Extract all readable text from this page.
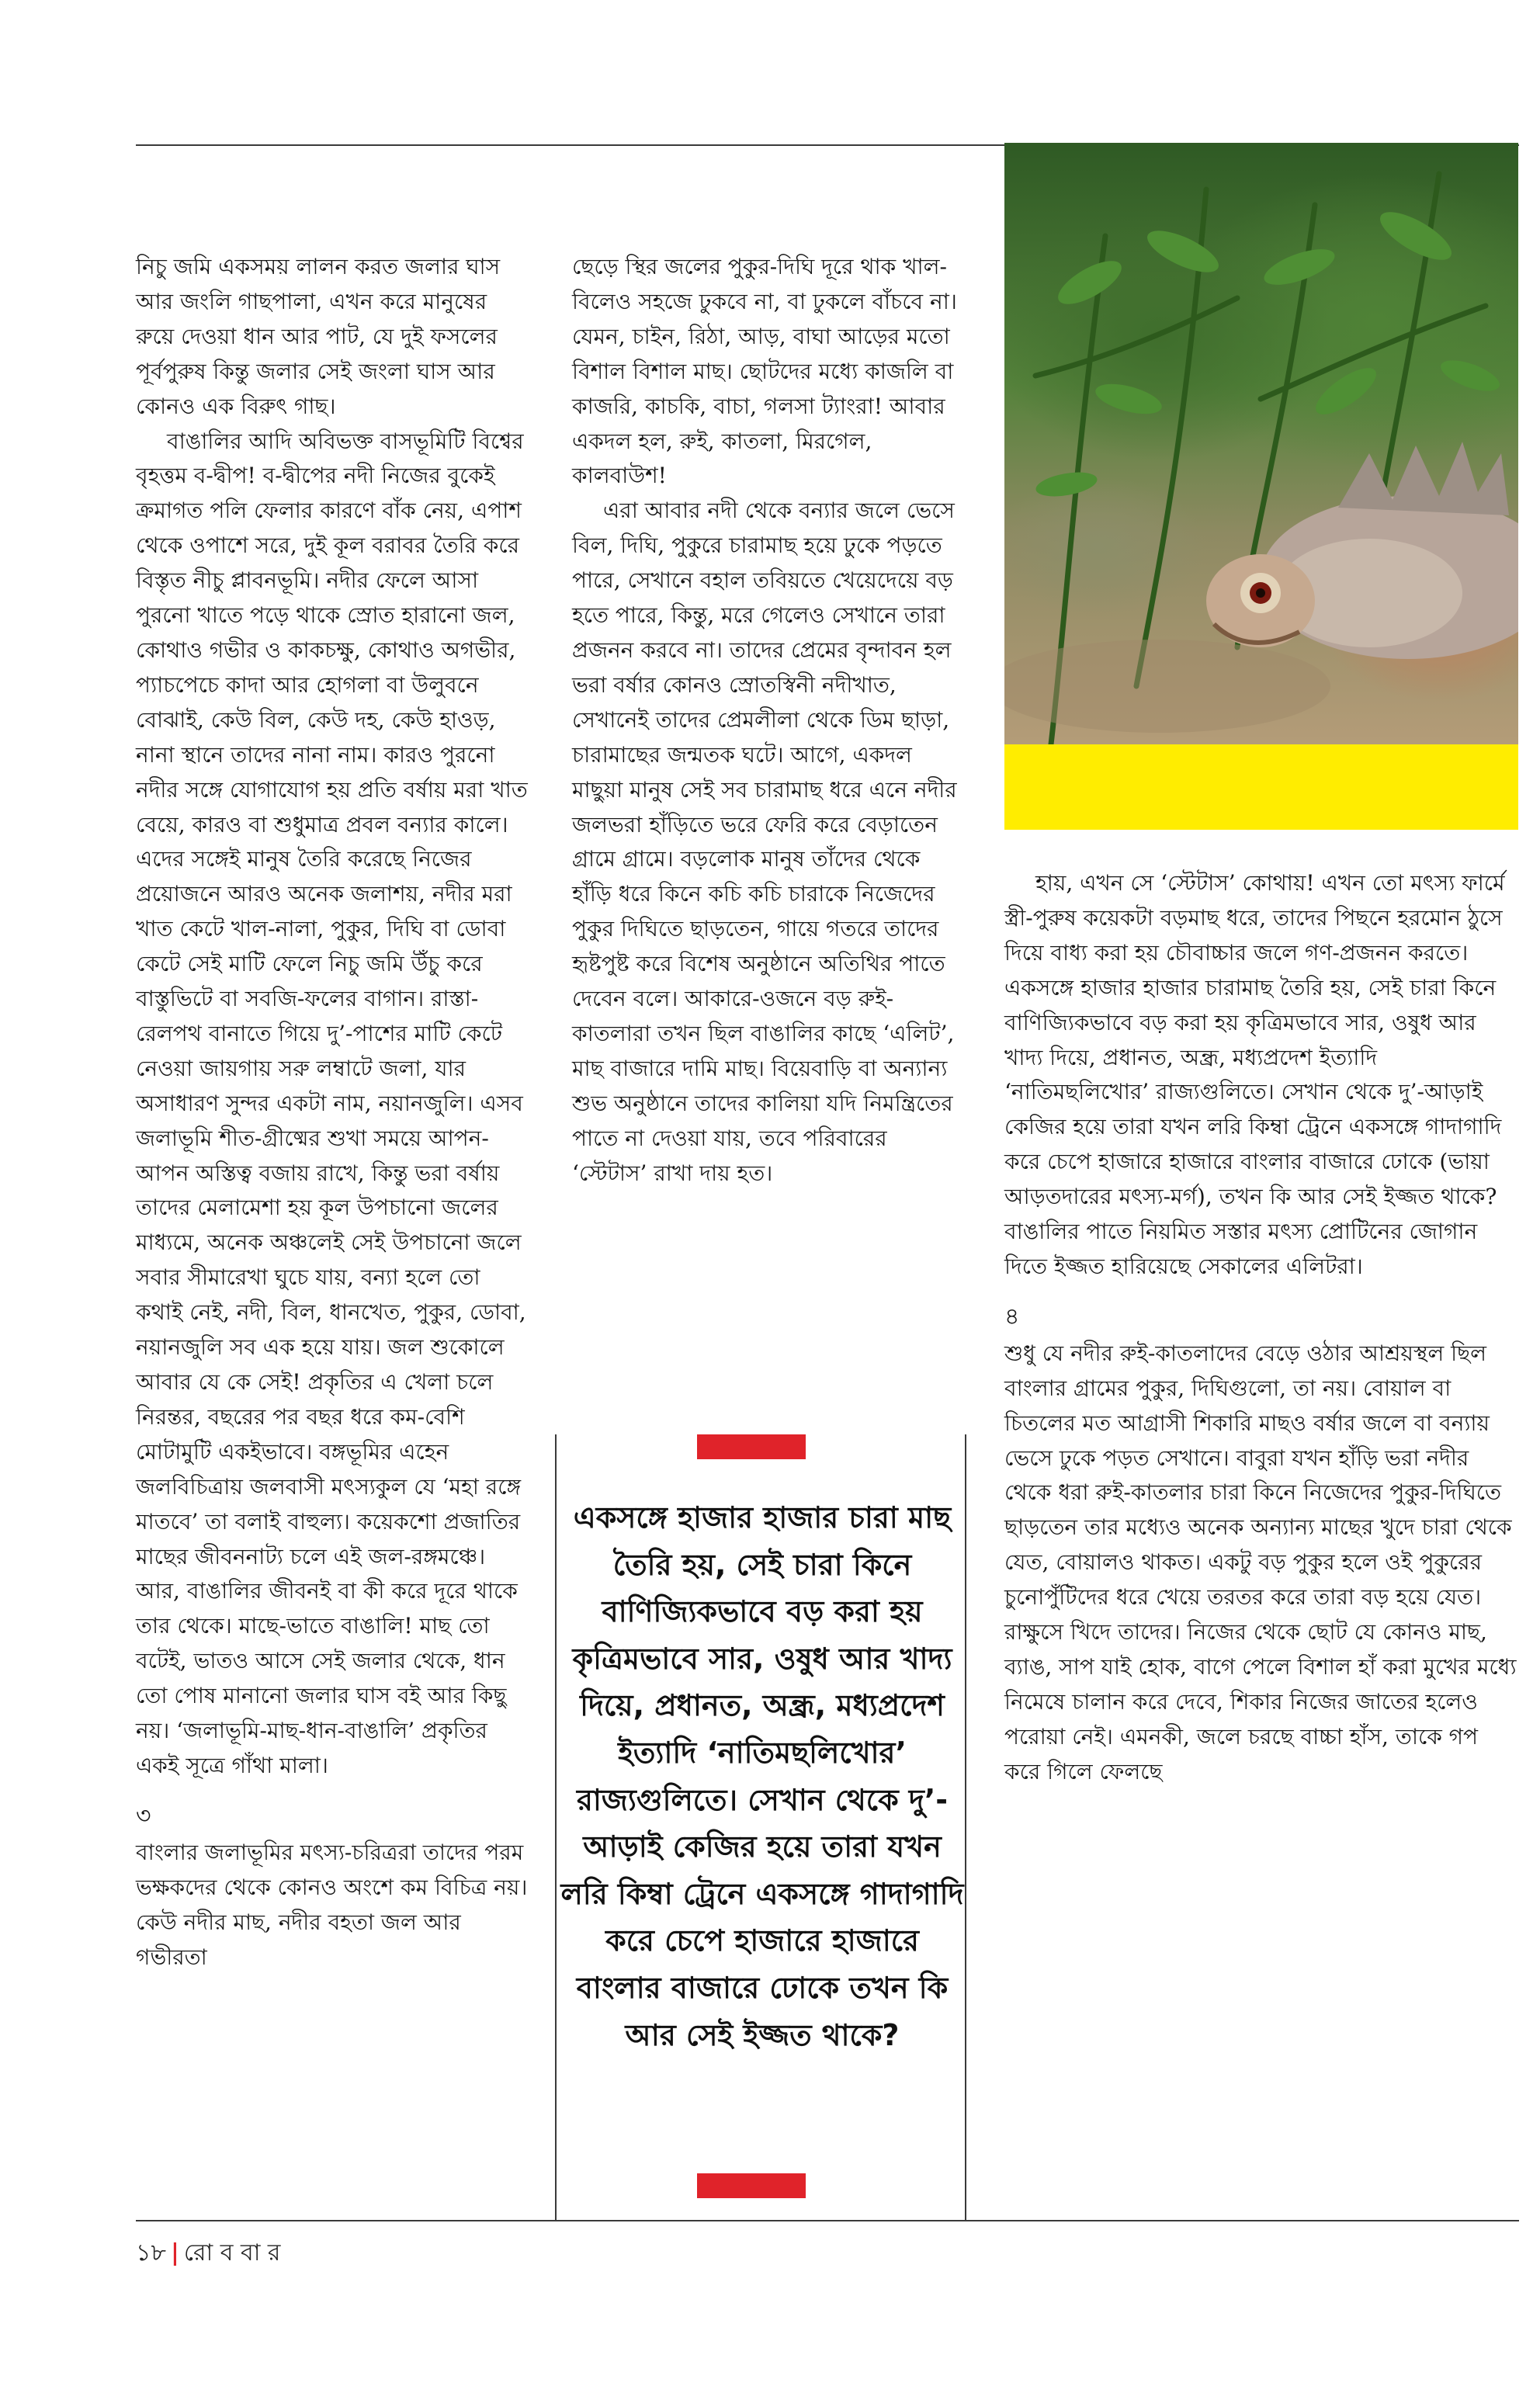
নিচু জমি একসময় লালন করত জলার ঘাস আর জংলি গাছপালা, এখন করে মানুষের রুয়ে দেওয়া ধান আর পাট, যে দুই ফসলের পূর্বপুরুষ কিন্তু জলার সেই জংলা ঘাস আর কোনও এক বিরুৎ গাছ।

বাঙালির আদি অবিভক্ত বাসভূমিটি বিশ্বের বৃহত্তম ব-দ্বীপ! ব-দ্বীপের নদী নিজের বুকেই ক্রমাগত পলি ফেলার কারণে বাঁক নেয়, এপাশ থেকে ওপাশে সরে, দুই কূল বরাবর তৈরি করে বিস্তৃত নীচু প্লাবনভূমি। নদীর ফেলে আসা পুরনো খাতে পড়ে থাকে স্রোত হারানো জল, কোথাও গভীর ও কাকচক্ষু, কোথাও অগভীর, প্যাচপেচে কাদা আর হোগলা বা উলুবনে বোঝাই, কেউ বিল, কেউ দহ, কেউ হাওড়, নানা স্থানে তাদের নানা নাম। কারও পুরনো নদীর সঙ্গে যোগাযোগ হয় প্রতি বর্ষায় মরা খাত বেয়ে, কারও বা শুধুমাত্র প্রবল বন্যার কালে। এদের সঙ্গেই মানুষ তৈরি করেছে নিজের প্রয়োজনে আরও অনেক জলাশয়, নদীর মরা খাত কেটে খাল-নালা, পুকুর, দিঘি বা ডোবা কেটে সেই মাটি ফেলে নিচু জমি উঁচু করে বাস্তুভিটে বা সবজি-ফলের বাগান। রাস্তা-রেলপথ বানাতে গিয়ে দু’-পাশের মাটি কেটে নেওয়া জায়গায় সরু লম্বাটে জলা, যার অসাধারণ সুন্দর একটা নাম, নয়ানজুলি। এসব জলাভূমি শীত-গ্রীষ্মের শুখা সময়ে আপন-আপন অস্তিত্ব বজায় রাখে, কিন্তু ভরা বর্ষায় তাদের মেলামেশা হয় কূল উপচানো জলের মাধ্যমে, অনেক অঞ্চলেই সেই উপচানো জলে সবার সীমারেখা ঘুচে যায়, বন্যা হলে তো কথাই নেই, নদী, বিল, ধানখেত, পুকুর, ডোবা, নয়ানজুলি সব এক হয়ে যায়। জল শুকোলে আবার যে কে সেই! প্রকৃতির এ খেলা চলে নিরন্তর, বছরের পর বছর ধরে কম-বেশি মোটামুটি একইভাবে। বঙ্গভূমির এহেন জলবিচিত্রায় জলবাসী মৎস্যকুল যে ‘মহা রঙ্গে মাতবে’ তা বলাই বাহুল্য। কয়েকশো প্রজাতির মাছের জীবননাট্য চলে এই জল-রঙ্গমঞ্চে। আর, বাঙালির জীবনই বা কী করে দূরে থাকে তার থেকে। মাছে-ভাতে বাঙালি! মাছ তো বটেই, ভাতও আসে সেই জলার থেকে, ধান তো পোষ মানানো জলার ঘাস বই আর কিছু নয়। ‘জলাভূমি-মাছ-ধান-বাঙালি’ প্রকৃতির একই সূত্রে গাঁথা মালা।

৩

বাংলার জলাভূমির মৎস্য-চরিত্ররা তাদের পরম ভক্ষকদের থেকে কোনও অংশে কম বিচিত্র নয়। কেউ নদীর মাছ, নদীর বহতা জল আর গভীরতা

ছেড়ে স্থির জলের পুকুর-দিঘি দূরে থাক খাল-বিলেও সহজে ঢুকবে না, বা ঢুকলে বাঁচবে না। যেমন, চাইন, রিঠা, আড়, বাঘা আড়ের মতো বিশাল বিশাল মাছ। ছোটদের মধ্যে কাজলি বা কাজরি, কাচকি, বাচা, গলসা ট্যাংরা! আবার একদল হল, রুই, কাতলা, মিরগেল, কালবাউশ!

এরা আবার নদী থেকে বন্যার জলে ভেসে বিল, দিঘি, পুকুরে চারামাছ হয়ে ঢুকে পড়তে পারে, সেখানে বহাল তবিয়তে খেয়েদেয়ে বড় হতে পারে, কিন্তু, মরে গেলেও সেখানে তারা প্রজনন করবে না। তাদের প্রেমের বৃন্দাবন হল ভরা বর্ষার কোনও স্রোতস্বিনী নদীখাত, সেখানেই তাদের প্রেমলীলা থেকে ডিম ছাড়া, চারামাছের জন্মতক ঘটে। আগে, একদল মাছুয়া মানুষ সেই সব চারামাছ ধরে এনে নদীর জলভরা হাঁড়িতে ভরে ফেরি করে বেড়াতেন গ্রামে গ্রামে। বড়লোক মানুষ তাঁদের থেকে হাঁড়ি ধরে কিনে কচি কচি চারাকে নিজেদের পুকুর দিঘিতে ছাড়তেন, গায়ে গতরে তাদের হৃষ্টপুষ্ট করে বিশেষ অনুষ্ঠানে অতিথির পাতে দেবেন বলে। আকারে-ওজনে বড় রুই-কাতলারা তখন ছিল বাঙালির কাছে ‘এলিট’, মাছ বাজারে দামি মাছ। বিয়েবাড়ি বা অন্যান্য শুভ অনুষ্ঠানে তাদের কালিয়া যদি নিমন্ত্রিতের পাতে না দেওয়া যায়, তবে পরিবারের ‘স্টেটাস’ রাখা দায় হত।

একসঙ্গে হাজার হাজার চারা মাছ তৈরি হয়, সেই চারা কিনে বাণিজ্যিকভাবে বড় করা হয় কৃত্রিমভাবে সার, ওষুধ আর খাদ্য দিয়ে, প্রধানত, অন্ধ্র, মধ্যপ্রদেশ ইত্যাদি ‘নাতিমছলিখোর’ রাজ্যগুলিতে। সেখান থেকে দু’-আড়াই কেজির হয়ে তারা যখন লরি কিম্বা ট্রেনে একসঙ্গে গাদাগাদি করে চেপে হাজারে হাজারে বাংলার বাজারে ঢোকে তখন কি আর সেই ইজ্জত থাকে?

হায়, এখন সে ‘স্টেটাস’ কোথায়! এখন তো মৎস্য ফার্মে স্ত্রী-পুরুষ কয়েকটা বড়মাছ ধরে, তাদের পিছনে হরমোন ঠুসে দিয়ে বাধ্য করা হয় চৌবাচ্চার জলে গণ-প্রজনন করতে। একসঙ্গে হাজার হাজার চারামাছ তৈরি হয়, সেই চারা কিনে বাণিজ্যিকভাবে বড় করা হয় কৃত্রিমভাবে সার, ওষুধ আর খাদ্য দিয়ে, প্রধানত, অন্ধ্র, মধ্যপ্রদেশ ইত্যাদি ‘নাতিমছলিখোর’ রাজ্যগুলিতে। সেখান থেকে দু’-আড়াই কেজির হয়ে তারা যখন লরি কিম্বা ট্রেনে একসঙ্গে গাদাগাদি করে চেপে হাজারে হাজারে বাংলার বাজারে ঢোকে (ভায়া আড়তদারের মৎস্য-মর্গ), তখন কি আর সেই ইজ্জত থাকে? বাঙালির পাতে নিয়মিত সস্তার মৎস্য প্রোটিনের জোগান দিতে ইজ্জত হারিয়েছে সেকালের এলিটরা।

৪

শুধু যে নদীর রুই-কাতলাদের বেড়ে ওঠার আশ্রয়স্থল ছিল বাংলার গ্রামের পুকুর, দিঘিগুলো, তা নয়। বোয়াল বা চিতলের মত আগ্রাসী শিকারি মাছও বর্ষার জলে বা বন্যায় ভেসে ঢুকে পড়ত সেখানে। বাবুরা যখন হাঁড়ি ভরা নদীর থেকে ধরা রুই-কাতলার চারা কিনে নিজেদের পুকুর-দিঘিতে ছাড়তেন তার মধ্যেও অনেক অন্যান্য মাছের খুদে চারা থেকে যেত, বোয়ালও থাকত। একটু বড় পুকুর হলে ওই পুকুরের চুনোপুঁটিদের ধরে খেয়ে তরতর করে তারা বড় হয়ে যেত। রাক্ষুসে খিদে তাদের। নিজের থেকে ছোট যে কোনও মাছ, ব্যাঙ, সাপ যাই হোক, বাগে পেলে বিশাল হাঁ করা মুখের মধ্যে নিমেষে চালান করে দেবে, শিকার নিজের জাতের হলেও পরোয়া নেই। এমনকী, জলে চরছে বাচ্চা হাঁস, তাকে গপ করে গিলে ফেলছে

১৮ | রো ব বা র
